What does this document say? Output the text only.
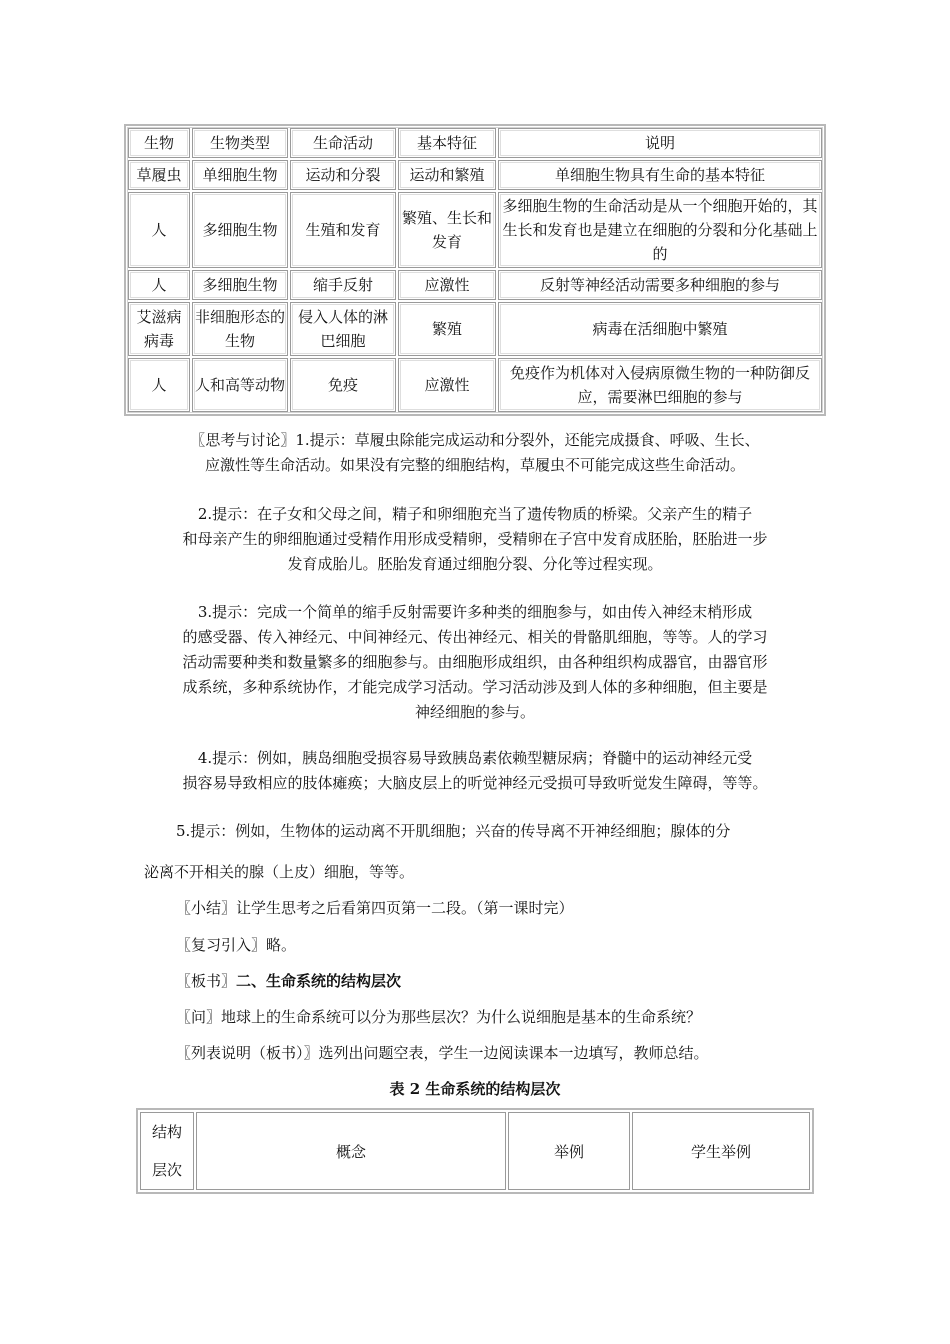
生物	生物类型	生命活动	基本特征	说明
草履虫	单细胞生物	运动和分裂	运动和繁殖	单细胞生物具有生命的基本特征
人	多细胞生物	生殖和发育	繁殖、生长和发育	多细胞生物的生命活动是从一个细胞开始的，其生长和发育也是建立在细胞的分裂和分化基础上的
人	多细胞生物	缩手反射	应激性	反射等神经活动需要多种细胞的参与
艾滋病病毒	非细胞形态的生物	侵入人体的淋巴细胞	繁殖	病毒在活细胞中繁殖
人	人和高等动物	免疫	应激性	免疫作为机体对入侵病原微生物的一种防御反应，需要淋巴细胞的参与
〖思考与讨论〗1.提示：草履虫除能完成运动和分裂外，还能完成摄食、呼吸、生长、
应激性等生命活动。如果没有完整的细胞结构，草履虫不可能完成这些生命活动。
2.提示：在子女和父母之间，精子和卵细胞充当了遗传物质的桥梁。父亲产生的精子
和母亲产生的卵细胞通过受精作用形成受精卵，受精卵在子宫中发育成胚胎，胚胎进一步
发育成胎儿。胚胎发育通过细胞分裂、分化等过程实现。
3.提示：完成一个简单的缩手反射需要许多种类的细胞参与，如由传入神经末梢形成
的感受器、传入神经元、中间神经元、传出神经元、相关的骨骼肌细胞，等等。人的学习
活动需要种类和数量繁多的细胞参与。由细胞形成组织，由各种组织构成器官，由器官形
成系统，多种系统协作，才能完成学习活动。学习活动涉及到人体的多种细胞，但主要是
神经细胞的参与。
4.提示：例如，胰岛细胞受损容易导致胰岛素依赖型糖尿病；脊髓中的运动神经元受
损容易导致相应的肢体瘫痪；大脑皮层上的听觉神经元受损可导致听觉发生障碍，等等。
5.提示：例如，生物体的运动离不开肌细胞；兴奋的传导离不开神经细胞；腺体的分
泌离不开相关的腺（上皮）细胞，等等。
〖小结〗让学生思考之后看第四页第一二段。（第一课时完）
〖复习引入〗略。
〖板书〗二、生命系统的结构层次
〖问〗地球上的生命系统可以分为那些层次？为什么说细胞是基本的生命系统？
〖列表说明（板书）〗选列出问题空表，学生一边阅读课本一边填写，教师总结。
表 2 生命系统的结构层次
结构
层次
	概念	举例	学生举例
